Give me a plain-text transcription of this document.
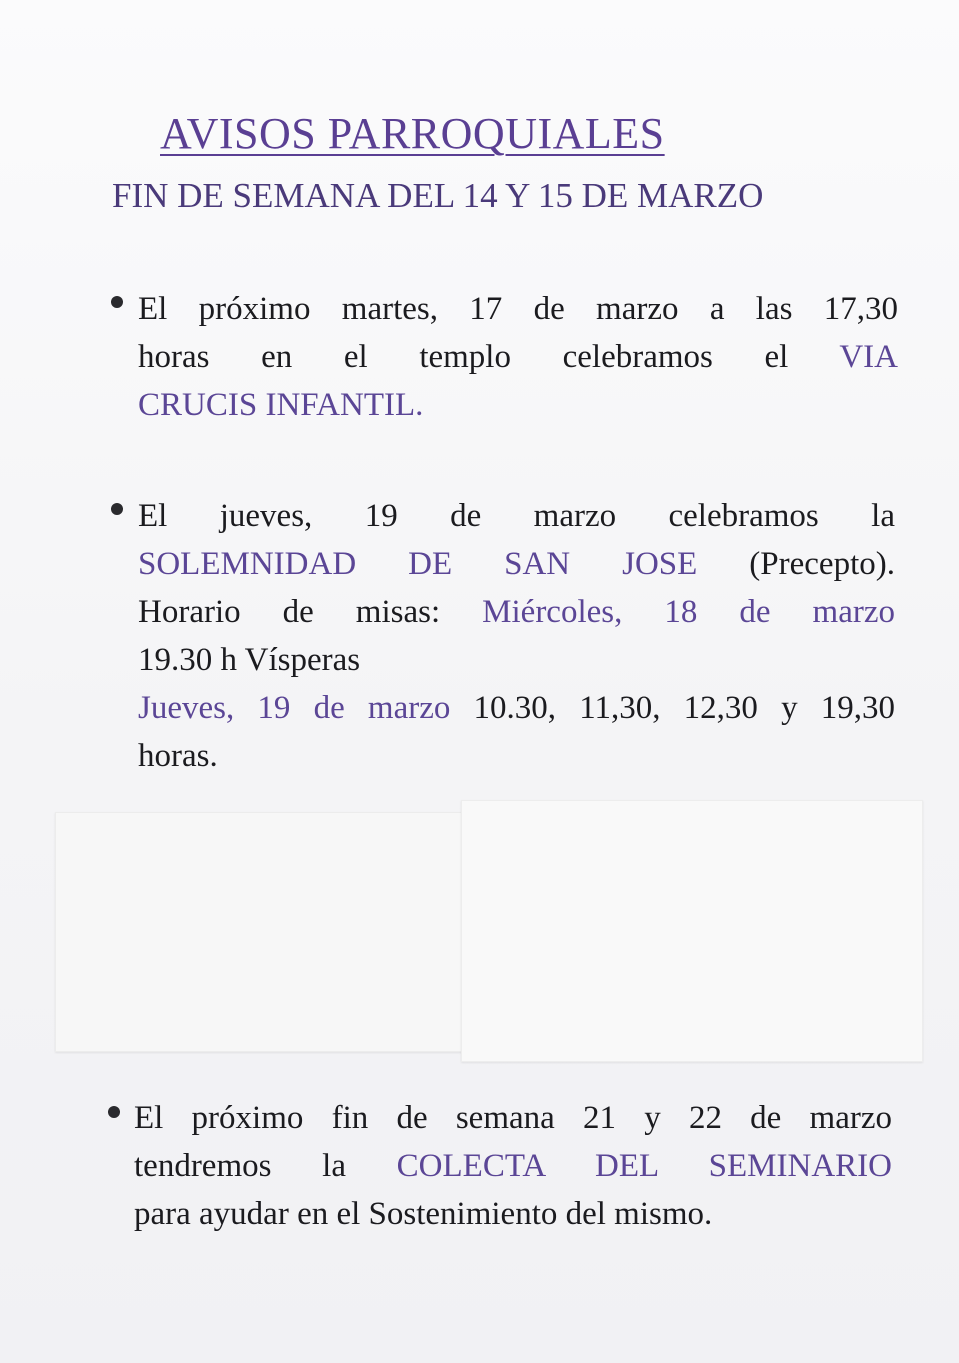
AVISOS PARROQUIALES
FIN DE SEMANA DEL 14 Y 15 DE MARZO

El próximo martes, 17 de marzo a las 17,30
horas en el templo celebramos el VIA
CRUCIS INFANTIL.

El jueves, 19 de marzo celebramos la
SOLEMNIDAD DE SAN JOSE (Precepto).
Horario de misas: Miércoles, 18 de marzo
19.30 h Vísperas
Jueves, 19 de marzo 10.30, 11,30, 12,30 y 19,30
horas.

El próximo fin de semana 21 y 22 de marzo
tendremos la COLECTA DEL SEMINARIO
para ayudar en el Sostenimiento del mismo.
